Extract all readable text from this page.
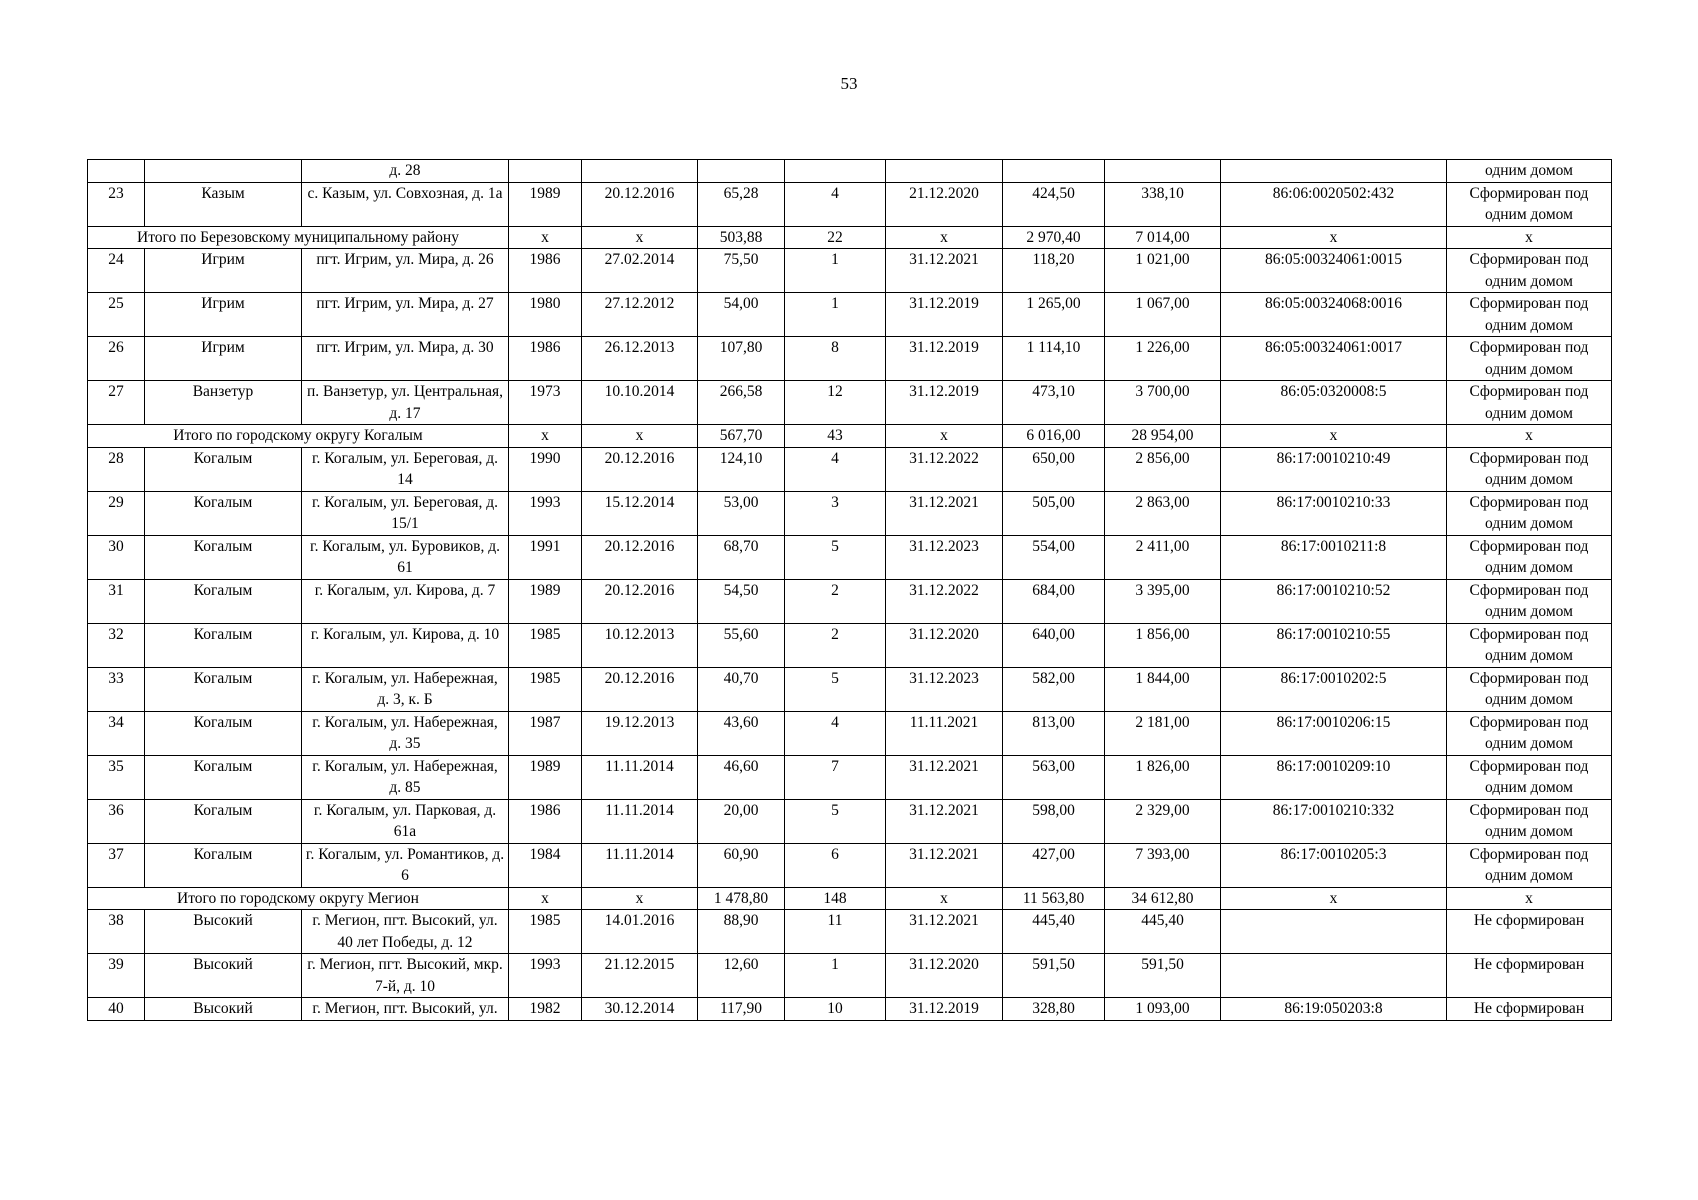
53
		д. 28									одним домом
23	Казым	с. Казым, ул. Совхозная, д. 1а	1989	20.12.2016	65,28	4	21.12.2020	424,50	338,10	86:06:0020502:432	Сформирован под одним домом
Итого по Березовскому муниципальному району			x	x	503,88	22	x	2 970,40	7 014,00	x	x
24	Игрим	пгт. Игрим, ул. Мира, д. 26	1986	27.02.2014	75,50	1	31.12.2021	118,20	1 021,00	86:05:00324061:0015	Сформирован под одним домом
25	Игрим	пгт. Игрим, ул. Мира, д. 27	1980	27.12.2012	54,00	1	31.12.2019	1 265,00	1 067,00	86:05:00324068:0016	Сформирован под одним домом
26	Игрим	пгт. Игрим, ул. Мира, д. 30	1986	26.12.2013	107,80	8	31.12.2019	1 114,10	1 226,00	86:05:00324061:0017	Сформирован под одним домом
27	Ванзетур	п. Ванзетур, ул. Центральная, д. 17	1973	10.10.2014	266,58	12	31.12.2019	473,10	3 700,00	86:05:0320008:5	Сформирован под одним домом
Итого по городскому округу Когалым			x	x	567,70	43	x	6 016,00	28 954,00	x	x
28	Когалым	г. Когалым, ул. Береговая, д. 14	1990	20.12.2016	124,10	4	31.12.2022	650,00	2 856,00	86:17:0010210:49	Сформирован под одним домом
29	Когалым	г. Когалым, ул. Береговая, д. 15/1	1993	15.12.2014	53,00	3	31.12.2021	505,00	2 863,00	86:17:0010210:33	Сформирован под одним домом
30	Когалым	г. Когалым, ул. Буровиков, д. 61	1991	20.12.2016	68,70	5	31.12.2023	554,00	2 411,00	86:17:0010211:8	Сформирован под одним домом
31	Когалым	г. Когалым, ул. Кирова, д. 7	1989	20.12.2016	54,50	2	31.12.2022	684,00	3 395,00	86:17:0010210:52	Сформирован под одним домом
32	Когалым	г. Когалым, ул. Кирова, д. 10	1985	10.12.2013	55,60	2	31.12.2020	640,00	1 856,00	86:17:0010210:55	Сформирован под одним домом
33	Когалым	г. Когалым, ул. Набережная, д. 3, к. Б	1985	20.12.2016	40,70	5	31.12.2023	582,00	1 844,00	86:17:0010202:5	Сформирован под одним домом
34	Когалым	г. Когалым, ул. Набережная, д. 35	1987	19.12.2013	43,60	4	11.11.2021	813,00	2 181,00	86:17:0010206:15	Сформирован под одним домом
35	Когалым	г. Когалым, ул. Набережная, д. 85	1989	11.11.2014	46,60	7	31.12.2021	563,00	1 826,00	86:17:0010209:10	Сформирован под одним домом
36	Когалым	г. Когалым, ул. Парковая, д. 61а	1986	11.11.2014	20,00	5	31.12.2021	598,00	2 329,00	86:17:0010210:332	Сформирован под одним домом
37	Когалым	г. Когалым, ул. Романтиков, д. 6	1984	11.11.2014	60,90	6	31.12.2021	427,00	7 393,00	86:17:0010205:3	Сформирован под одним домом
Итого по городскому округу Мегион			x	x	1 478,80	148	x	11 563,80	34 612,80	x	x
38	Высокий	г. Мегион, пгт. Высокий, ул. 40 лет Победы, д. 12	1985	14.01.2016	88,90	11	31.12.2021	445,40	445,40		Не сформирован
39	Высокий	г. Мегион, пгт. Высокий, мкр. 7-й, д. 10	1993	21.12.2015	12,60	1	31.12.2020	591,50	591,50		Не сформирован
40	Высокий	г. Мегион, пгт. Высокий, ул.	1982	30.12.2014	117,90	10	31.12.2019	328,80	1 093,00	86:19:050203:8	Не сформирован
